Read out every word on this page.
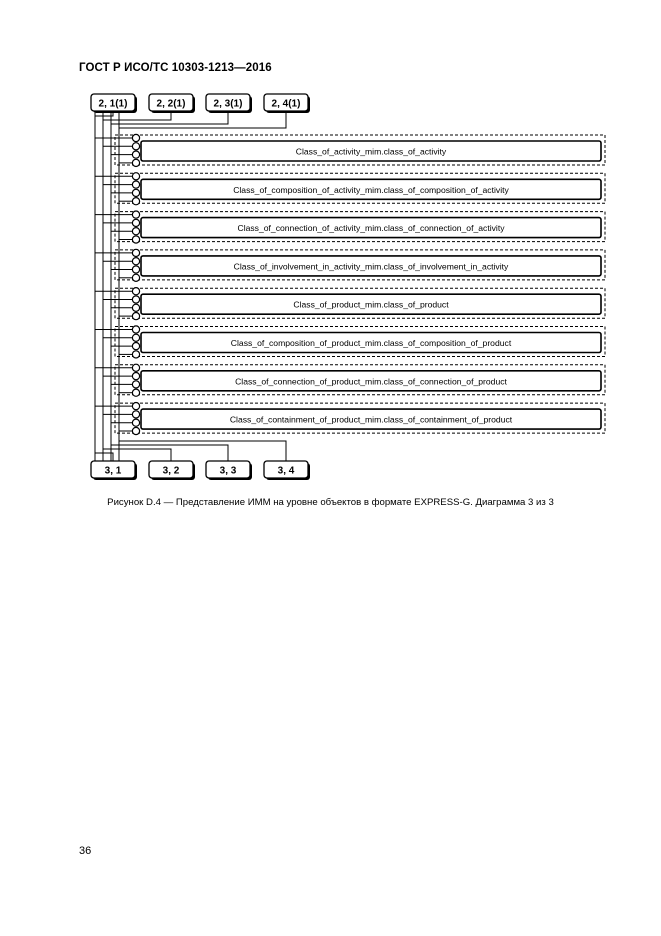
ГОСТ Р ИСО/ТС 10303-1213—2016
2, 1(1)	2, 2(1)	2, 3(1)	2, 4(1)
3, 1	3, 2	3, 3	3, 4
Class_of_activity_mim.class_of_activity
Class_of_composition_of_activity_mim.class_of_composition_of_activity
Class_of_connection_of_activity_mim.class_of_connection_of_activity
Class_of_involvement_in_activity_mim.class_of_involvement_in_activity
Class_of_product_mim.class_of_product
Class_of_composition_of_product_mim.class_of_composition_of_product
Class_of_connection_of_product_mim.class_of_connection_of_product
Class_of_containment_of_product_mim.class_of_containment_of_product
Рисунок D.4 — Представление ИММ на уровне объектов в формате EXPRESS-G. Диаграмма 3 из 3
36
